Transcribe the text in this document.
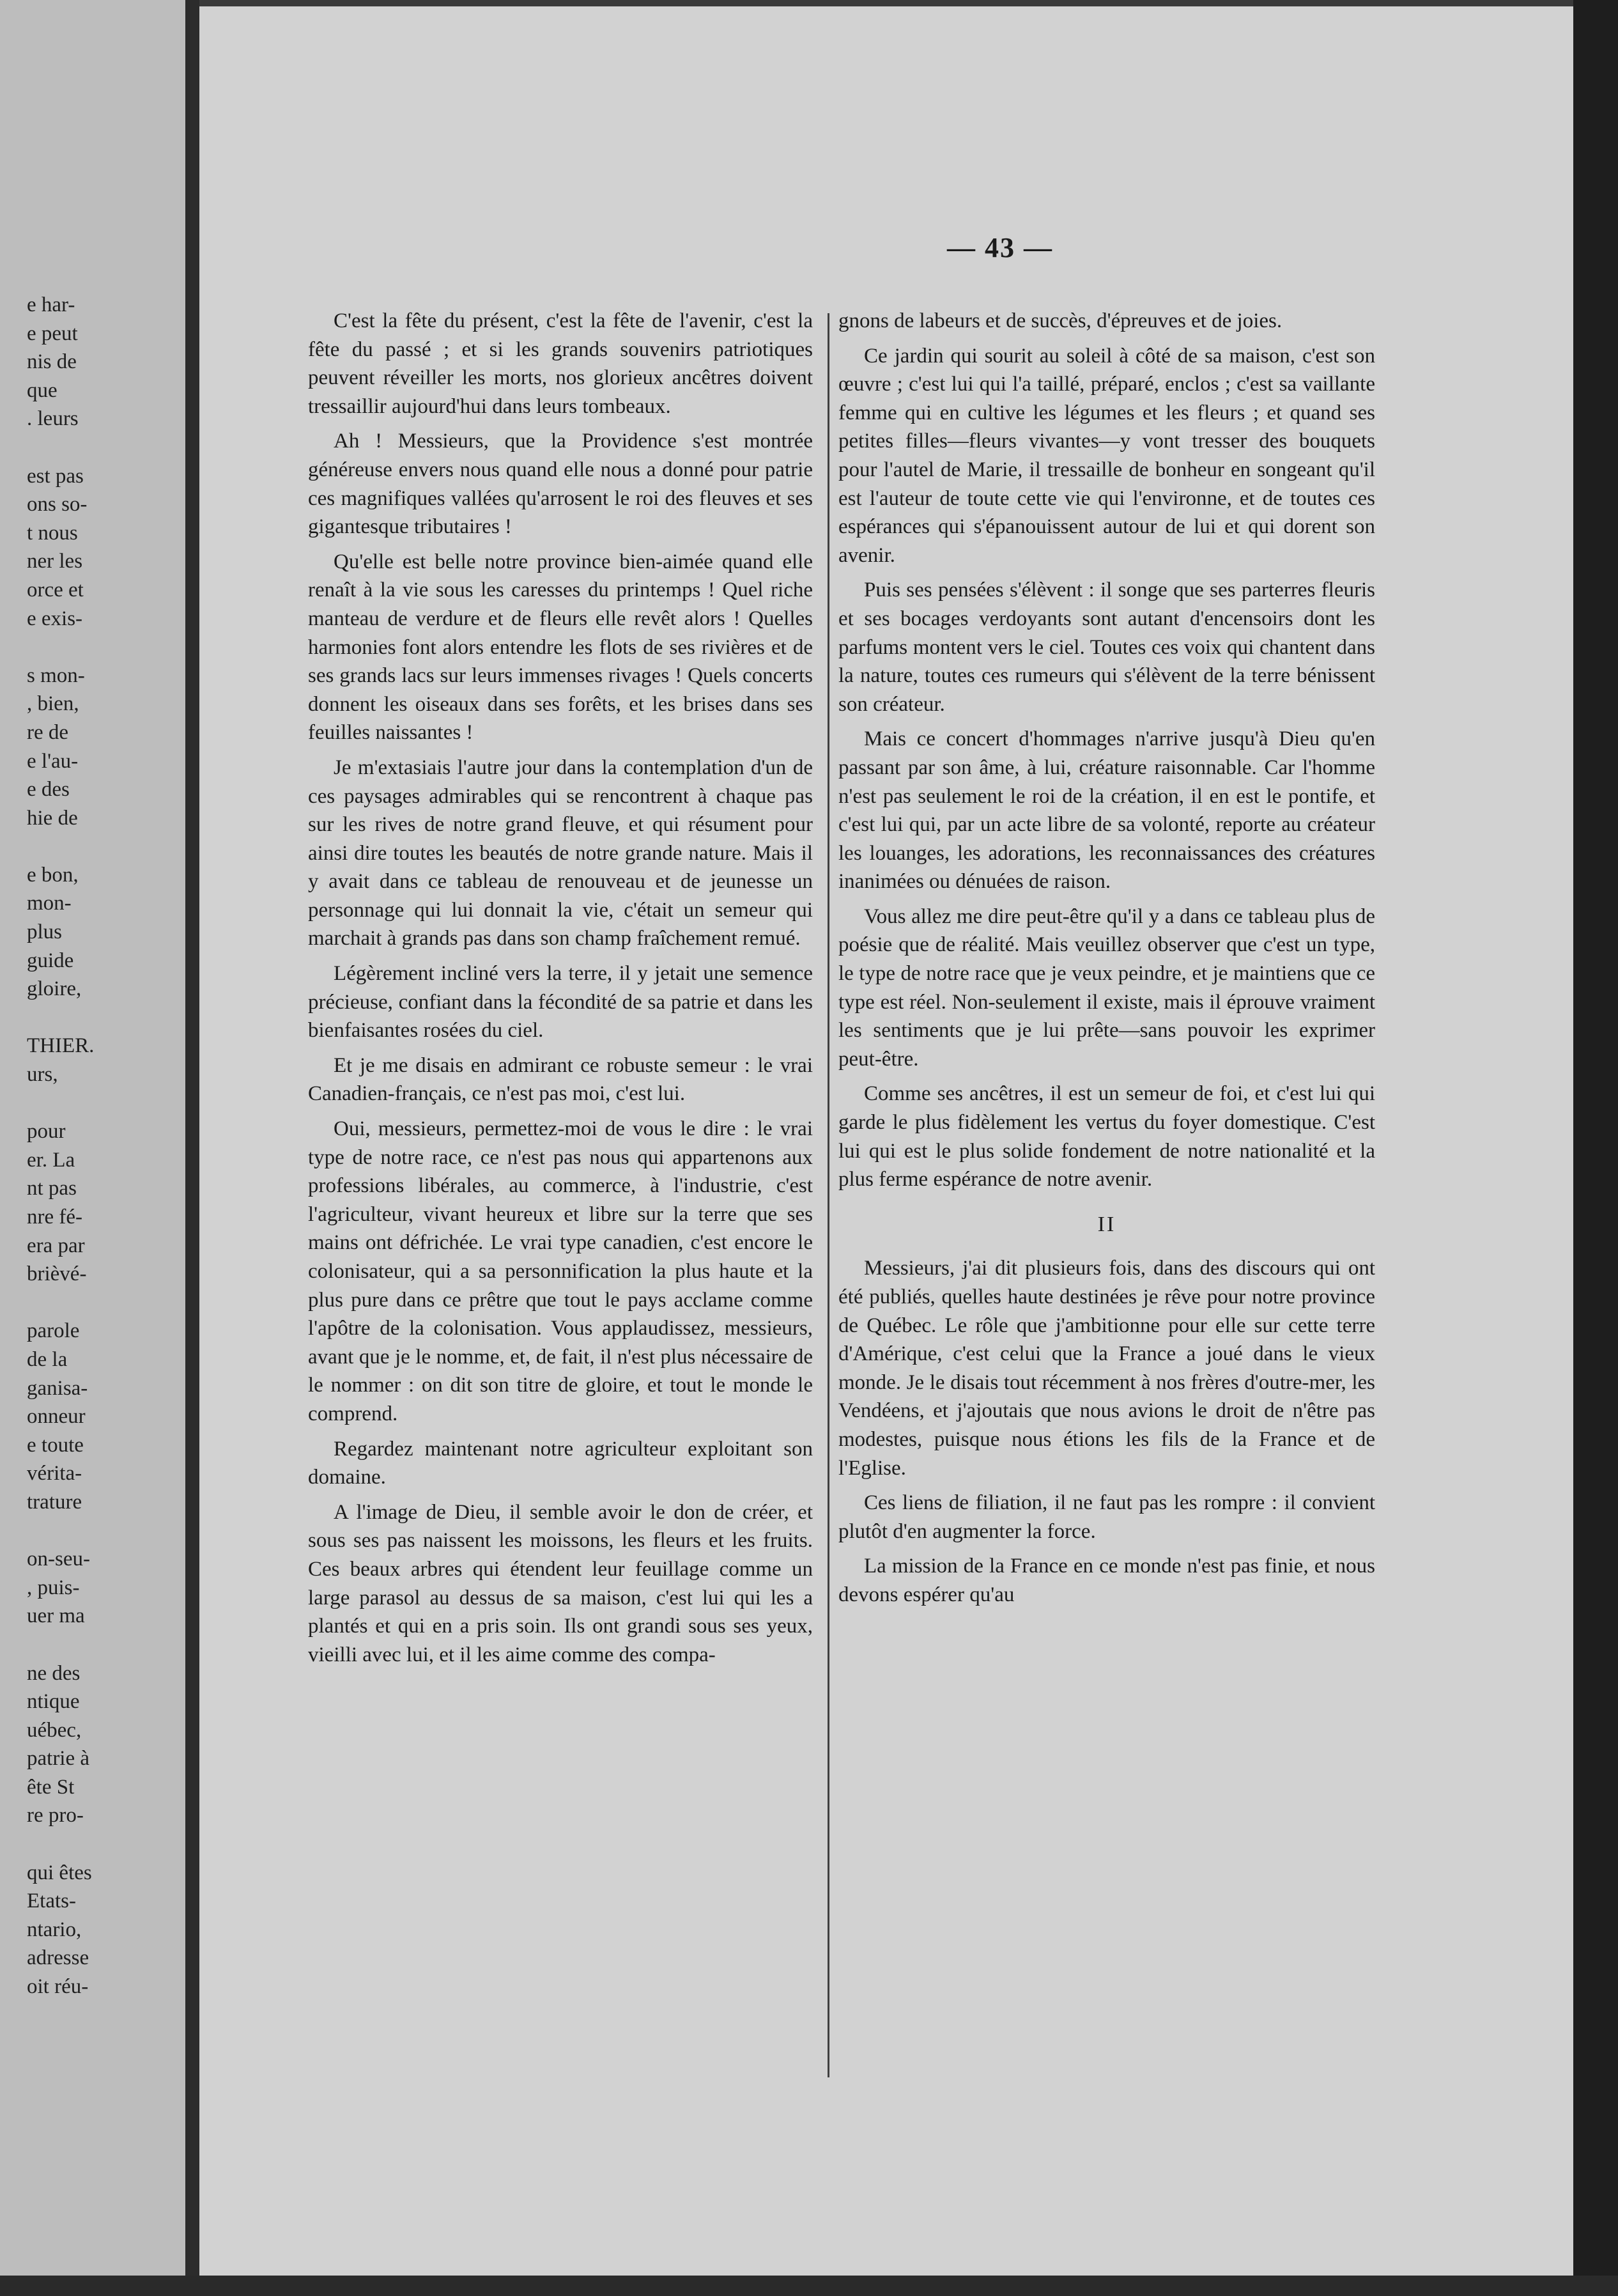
e har-
e peut
nis de
que
. leurs
est pas
ons so-
t nous
ner les
orce et
e exis-
s mon-
, bien,
re de
e l'au-
e des
hie de
e bon,
mon-
plus
guide
gloire,
THIER.
urs,
pour
er. La
nt pas
nre fé-
era par
brièvé-
parole
de la
ganisa-
onneur
e toute
vérita-
trature
on-seu-
, puis-
uer ma
ne des
ntique
uébec,
patrie à
ête St
re pro-
qui êtes
Etats-
ntario,
adresse
oit réu-
— 43 —

C'est la fête du présent, c'est la fête de l'avenir, c'est la fête du passé ; et si les grands souvenirs patriotiques peuvent réveiller les morts, nos glorieux ancêtres doivent tressaillir aujourd'hui dans leurs tombeaux.

Ah ! Messieurs, que la Providence s'est montrée généreuse envers nous quand elle nous a donné pour patrie ces magnifiques vallées qu'arrosent le roi des fleuves et ses gigantesque tributaires !

Qu'elle est belle notre province bien-aimée quand elle renaît à la vie sous les caresses du printemps ! Quel riche manteau de verdure et de fleurs elle revêt alors ! Quelles harmonies font alors entendre les flots de ses rivières et de ses grands lacs sur leurs immenses rivages ! Quels concerts donnent les oiseaux dans ses forêts, et les brises dans ses feuilles naissantes !

Je m'extasiais l'autre jour dans la contemplation d'un de ces paysages admirables qui se rencontrent à chaque pas sur les rives de notre grand fleuve, et qui résument pour ainsi dire toutes les beautés de notre grande nature. Mais il y avait dans ce tableau de renouveau et de jeunesse un personnage qui lui donnait la vie, c'était un semeur qui marchait à grands pas dans son champ fraîchement remué.

Légèrement incliné vers la terre, il y jetait une semence précieuse, confiant dans la fécondité de sa patrie et dans les bienfaisantes rosées du ciel.

Et je me disais en admirant ce robuste semeur : le vrai Canadien-français, ce n'est pas moi, c'est lui.

Oui, messieurs, permettez-moi de vous le dire : le vrai type de notre race, ce n'est pas nous qui appartenons aux professions libérales, au commerce, à l'industrie, c'est l'agriculteur, vivant heureux et libre sur la terre que ses mains ont défrichée. Le vrai type canadien, c'est encore le colonisateur, qui a sa personnification la plus haute et la plus pure dans ce prêtre que tout le pays acclame comme l'apôtre de la colonisation. Vous applaudissez, messieurs, avant que je le nomme, et, de fait, il n'est plus nécessaire de le nommer : on dit son titre de gloire, et tout le monde le comprend.

Regardez maintenant notre agriculteur exploitant son domaine.

A l'image de Dieu, il semble avoir le don de créer, et sous ses pas naissent les moissons, les fleurs et les fruits. Ces beaux arbres qui étendent leur feuillage comme un large parasol au dessus de sa maison, c'est lui qui les a plantés et qui en a pris soin. Ils ont grandi sous ses yeux, vieilli avec lui, et il les aime comme des compa-

gnons de labeurs et de succès, d'épreuves et de joies.

Ce jardin qui sourit au soleil à côté de sa maison, c'est son œuvre ; c'est lui qui l'a taillé, préparé, enclos ; c'est sa vaillante femme qui en cultive les légumes et les fleurs ; et quand ses petites filles—fleurs vivantes—y vont tresser des bouquets pour l'autel de Marie, il tressaille de bonheur en songeant qu'il est l'auteur de toute cette vie qui l'environne, et de toutes ces espérances qui s'épanouissent autour de lui et qui dorent son avenir.

Puis ses pensées s'élèvent : il songe que ses parterres fleuris et ses bocages verdoyants sont autant d'encensoirs dont les parfums montent vers le ciel. Toutes ces voix qui chantent dans la nature, toutes ces rumeurs qui s'élèvent de la terre bénissent son créateur.

Mais ce concert d'hommages n'arrive jusqu'à Dieu qu'en passant par son âme, à lui, créature raisonnable. Car l'homme n'est pas seulement le roi de la création, il en est le pontife, et c'est lui qui, par un acte libre de sa volonté, reporte au créateur les louanges, les adorations, les reconnaissances des créatures inanimées ou dénuées de raison.

Vous allez me dire peut-être qu'il y a dans ce tableau plus de poésie que de réalité. Mais veuillez observer que c'est un type, le type de notre race que je veux peindre, et je maintiens que ce type est réel. Non-seulement il existe, mais il éprouve vraiment les sentiments que je lui prête—sans pouvoir les exprimer peut-être.

Comme ses ancêtres, il est un semeur de foi, et c'est lui qui garde le plus fidèlement les vertus du foyer domestique. C'est lui qui est le plus solide fondement de notre nationalité et la plus ferme espérance de notre avenir.

II

Messieurs, j'ai dit plusieurs fois, dans des discours qui ont été publiés, quelles haute destinées je rêve pour notre province de Québec. Le rôle que j'ambitionne pour elle sur cette terre d'Amérique, c'est celui que la France a joué dans le vieux monde. Je le disais tout récemment à nos frères d'outre-mer, les Vendéens, et j'ajoutais que nous avions le droit de n'être pas modestes, puisque nous étions les fils de la France et de l'Eglise.

Ces liens de filiation, il ne faut pas les rompre : il convient plutôt d'en augmenter la force.

La mission de la France en ce monde n'est pas finie, et nous devons espérer qu'au
